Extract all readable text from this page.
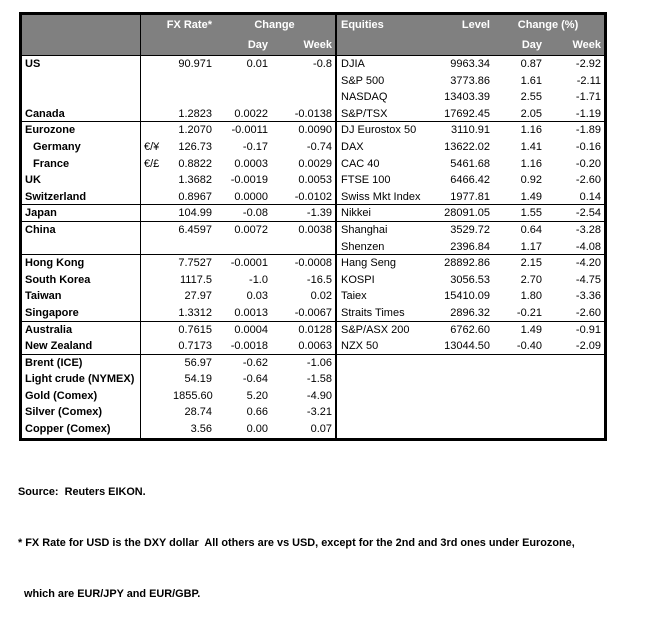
FX Rate*	Change	Equities	Level	Change (%)
Day	Week	Day	Week
US	90.971	0.01	-0.8 DJIA	9963.34	0.87	-2.92
S&P 500	3773.86	1.61	-2.11
NASDAQ	13403.39	2.55	-1.71
Canada	1.2823	0.0022	-0.0138 S&P/TSX	17692.45	2.05	-1.19
Eurozone	1.2070	-0.0011	0.0090 DJ Eurostox 50	3110.91	1.16	-1.89
Germany	€/¥	126.73	-0.17	-0.74 DAX	13622.02	1.41	-0.16
France	€/£	0.8822	0.0003	0.0029 CAC 40	5461.68	1.16	-0.20
UK	1.3682	-0.0019	0.0053 FTSE 100	6466.42	0.92	-2.60
Switzerland	0.8967	0.0000	-0.0102 Swiss Mkt Index	1977.81	1.49	0.14
Japan	104.99	-0.08	-1.39 Nikkei	28091.05	1.55	-2.54
China	6.4597	0.0072	0.0038 Shanghai	3529.72	0.64	-3.28
Shenzen	2396.84	1.17	-4.08
Hong Kong	7.7527	-0.0001	-0.0008 Hang Seng	28892.86	2.15	-4.20
South Korea	1117.5	-1.0	-16.5 KOSPI	3056.53	2.70	-4.75
Taiwan	27.97	0.03	0.02 Taiex	15410.09	1.80	-3.36
Singapore	1.3312	0.0013	-0.0067 Straits Times	2896.32	-0.21	-2.60
Australia	0.7615	0.0004	0.0128 S&P/ASX 200	6762.60	1.49	-0.91
New Zealand	0.7173	-0.0018	0.0063 NZX 50	13044.50	-0.40	-2.09
Brent (ICE)	56.97	-0.62	-1.06
Light crude (NYMEX)	54.19	-0.64	-1.58
Gold (Comex)	1855.60	5.20	-4.90
Silver (Comex)	28.74	0.66	-3.21
Copper (Comex)	3.56	0.00	0.07

Source:  Reuters EIKON.

* FX Rate for USD is the DXY dollar  All others are vs USD, except for the 2nd and 3rd ones under Eurozone,

which are EUR/JPY and EUR/GBP.
